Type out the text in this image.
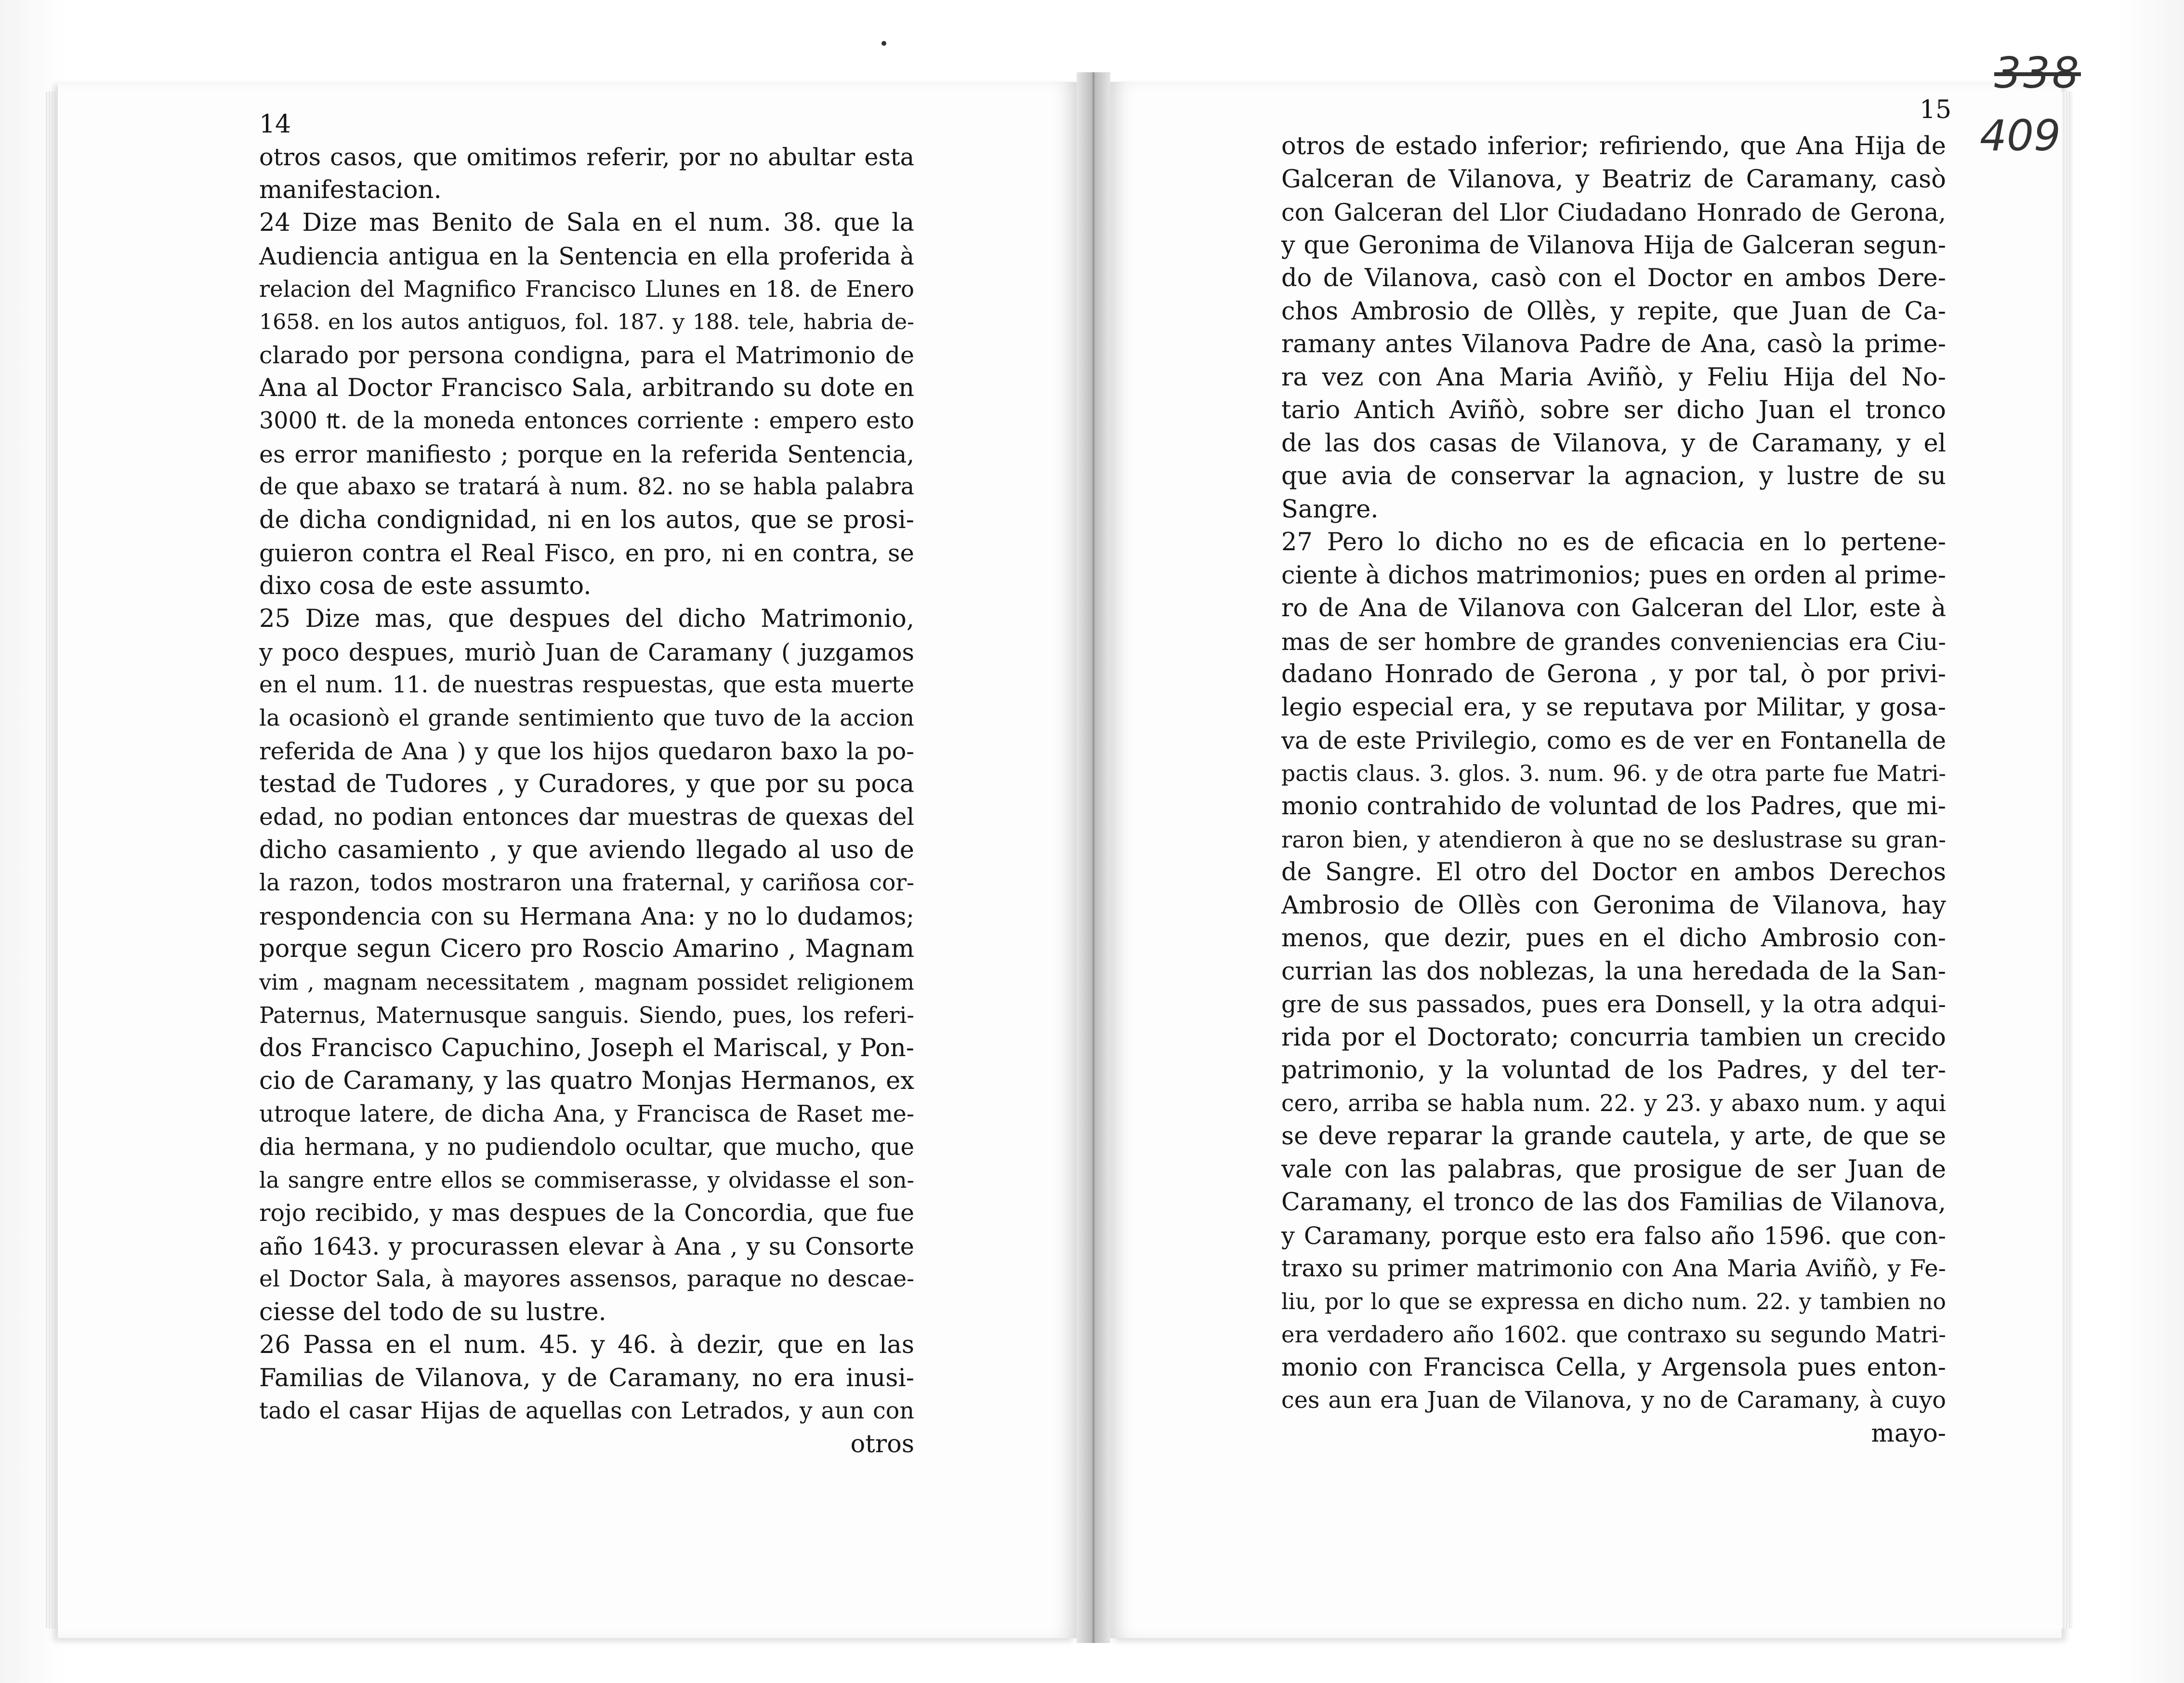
14	15
otros casos, que omitimos referir, por no abultar esta
manifestacion.
24 Dize mas Benito de Sala en el num. 38. que la
Audiencia antigua en la Sentencia en ella proferida à
relacion del Magnifico Francisco Llunes en 18. de Enero
1658. en los autos antiguos, fol. 187. y 188. tele, habria de-
clarado por persona condigna, para el Matrimonio de
Ana al Doctor Francisco Sala, arbitrando su dote en
3000 ₶. de la moneda entonces corriente : empero esto
es error manifiesto ; porque en la referida Sentencia,
de que abaxo se tratará à num. 82. no se habla palabra
de dicha condignidad, ni en los autos, que se prosi-
guieron contra el Real Fisco, en pro, ni en contra, se
dixo cosa de este assumto.
25 Dize mas, que despues del dicho Matrimonio,
y poco despues, muriò Juan de Caramany ( juzgamos
en el num. 11. de nuestras respuestas, que esta muerte
la ocasionò el grande sentimiento que tuvo de la accion
referida de Ana ) y que los hijos quedaron baxo la po-
testad de Tudores , y Curadores, y que por su poca
edad, no podian entonces dar muestras de quexas del
dicho casamiento , y que aviendo llegado al uso de
la razon, todos mostraron una fraternal, y cariñosa cor-
respondencia con su Hermana Ana: y no lo dudamos;
porque segun Cicero pro Roscio Amarino , Magnam
vim , magnam necessitatem , magnam possidet religionem
Paternus, Maternusque sanguis. Siendo, pues, los referi-
dos Francisco Capuchino, Joseph el Mariscal, y Pon-
cio de Caramany, y las quatro Monjas Hermanos, ex
utroque latere, de dicha Ana, y Francisca de Raset me-
dia hermana, y no pudiendolo ocultar, que mucho, que
la sangre entre ellos se commiserasse, y olvidasse el son-
rojo recibido, y mas despues de la Concordia, que fue
año 1643. y procurassen elevar à Ana , y su Consorte
el Doctor Sala, à mayores assensos, paraque no descae-
ciesse del todo de su lustre.
26 Passa en el num. 45. y 46. à dezir, que en las
Familias de Vilanova, y de Caramany, no era inusi-
tado el casar Hijas de aquellas con Letrados, y aun con
otros
otros de estado inferior; refiriendo, que Ana Hija de
Galceran de Vilanova, y Beatriz de Caramany, casò
con Galceran del Llor Ciudadano Honrado de Gerona,
y que Geronima de Vilanova Hija de Galceran segun-
do de Vilanova, casò con el Doctor en ambos Dere-
chos Ambrosio de Ollès, y repite, que Juan de Ca-
ramany antes Vilanova Padre de Ana, casò la prime-
ra vez con Ana Maria Aviñò, y Feliu Hija del No-
tario Antich Aviñò, sobre ser dicho Juan el tronco
de las dos casas de Vilanova, y de Caramany, y el
que avia de conservar la agnacion, y lustre de su
Sangre.
27 Pero lo dicho no es de eficacia en lo pertene-
ciente à dichos matrimonios; pues en orden al prime-
ro de Ana de Vilanova con Galceran del Llor, este à
mas de ser hombre de grandes conveniencias era Ciu-
dadano Honrado de Gerona , y por tal, ò por privi-
legio especial era, y se reputava por Militar, y gosa-
va de este Privilegio, como es de ver en Fontanella de
pactis claus. 3. glos. 3. num. 96. y de otra parte fue Matri-
monio contrahido de voluntad de los Padres, que mi-
raron bien, y atendieron à que no se deslustrase su gran-
de Sangre. El otro del Doctor en ambos Derechos
Ambrosio de Ollès con Geronima de Vilanova, hay
menos, que dezir, pues en el dicho Ambrosio con-
currian las dos noblezas, la una heredada de la San-
gre de sus passados, pues era Donsell, y la otra adqui-
rida por el Doctorato; concurria tambien un crecido
patrimonio, y la voluntad de los Padres, y del ter-
cero, arriba se habla num. 22. y 23. y abaxo num. y aqui
se deve reparar la grande cautela, y arte, de que se
vale con las palabras, que prosigue de ser Juan de
Caramany, el tronco de las dos Familias de Vilanova,
y Caramany, porque esto era falso año 1596. que con-
traxo su primer matrimonio con Ana Maria Aviñò, y Fe-
liu, por lo que se expressa en dicho num. 22. y tambien no
era verdadero año 1602. que contraxo su segundo Matri-
monio con Francisca Cella, y Argensola pues enton-
ces aun era Juan de Vilanova, y no de Caramany, à cuyo
mayo-
338
409
